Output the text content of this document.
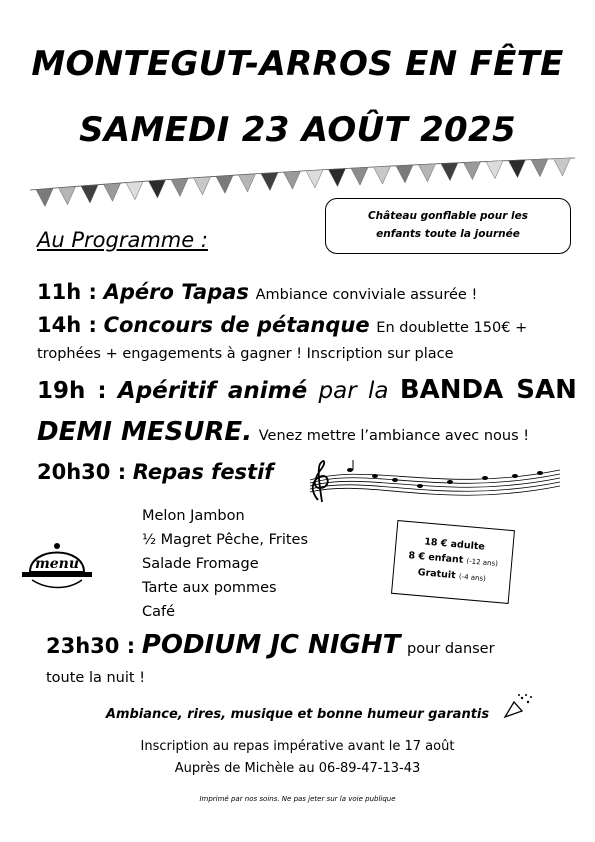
MONTEGUT-ARROS EN FÊTE
SAMEDI 23 AOÛT 2025
Château gonflable pour les
enfants toute la journée
Au Programme :
11h : Apéro Tapas Ambiance conviviale assurée !
14h : Concours de pétanque En doublette 150€ +
trophées + engagements à gagner ! Inscription sur place
19h : Apéritif animé par la BANDA SAN
DEMI MESURE. Venez mettre l’ambiance avec nous !
20h30 : Repas festif
menu
Melon Jambon
½ Magret Pêche, Frites
Salade Fromage
Tarte aux pommes
Café
18 € adulte
8 € enfant (-12 ans)
Gratuit (-4 ans)
23h30 : PODIUM JC NIGHT pour danser
toute la nuit !
Ambiance, rires, musique et bonne humeur garantis
Inscription au repas impérative avant le 17 août
Auprès de Michèle au 06-89-47-13-43
Imprimé par nos soins. Ne pas jeter sur la voie publique
